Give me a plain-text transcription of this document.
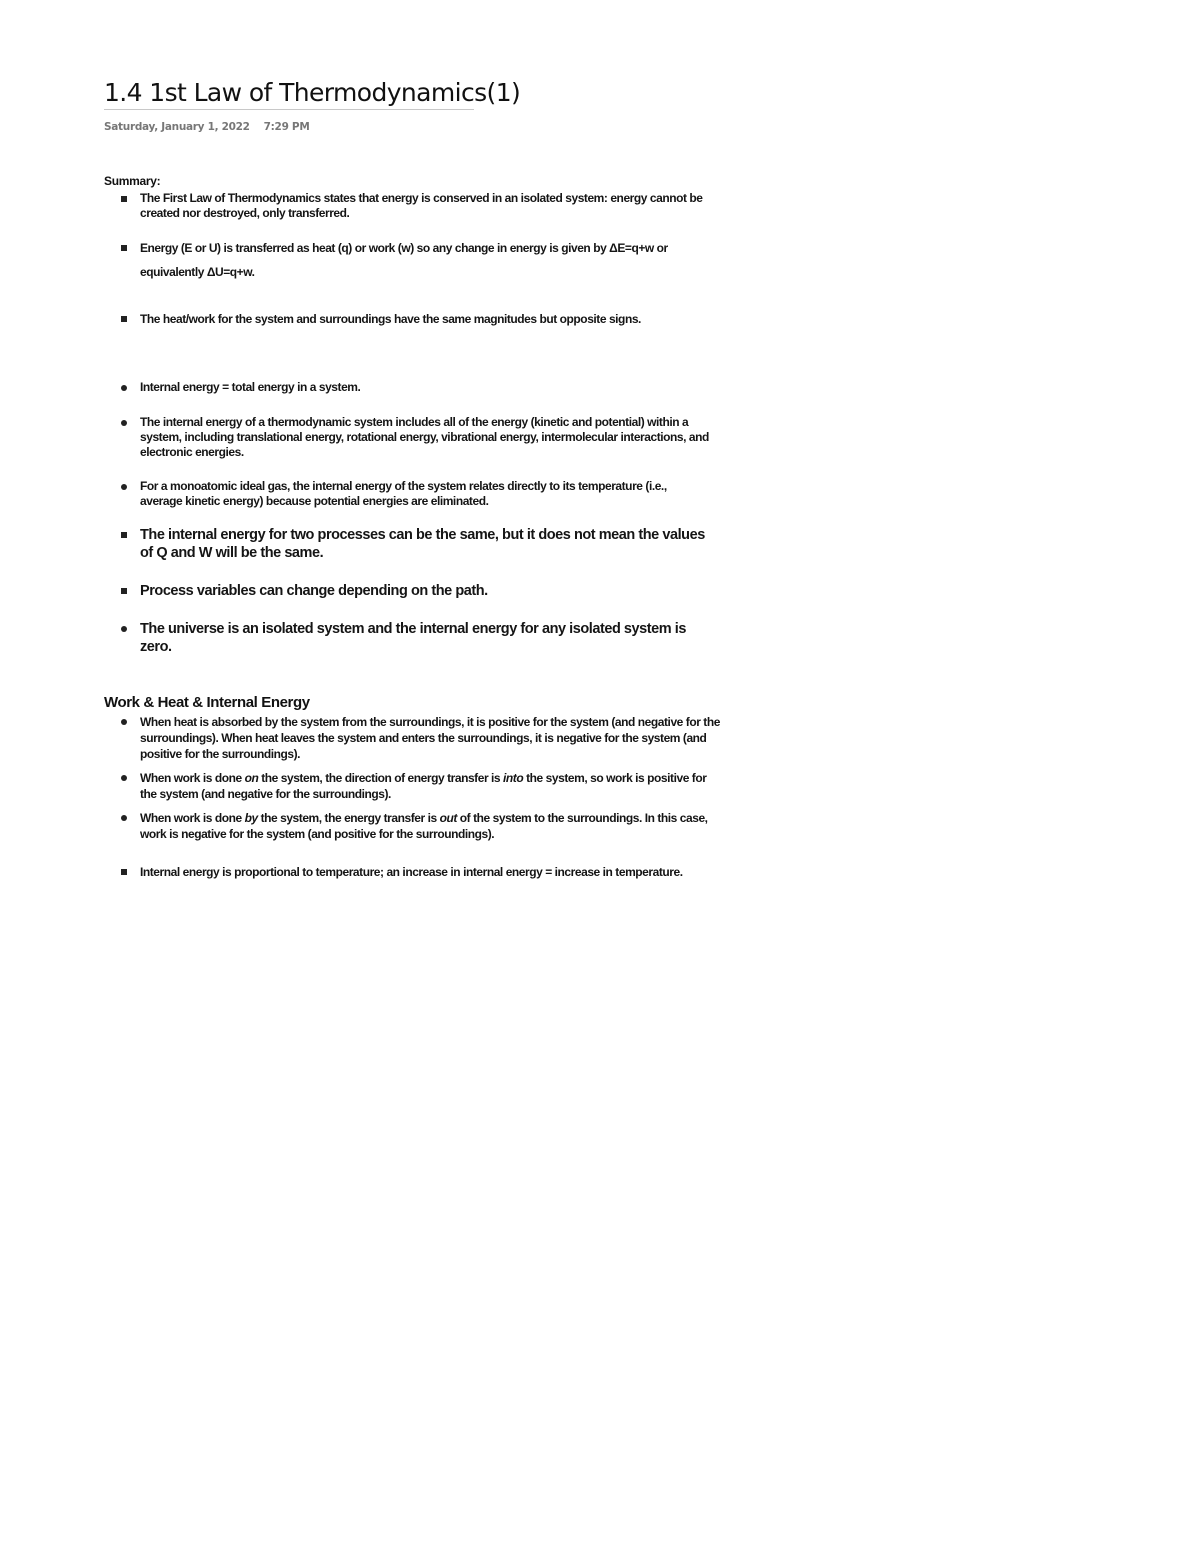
1.4 1st Law of Thermodynamics(1)
Saturday, January 1, 2022 7:29 PM
Summary:
The First Law of Thermodynamics states that energy is conserved in an isolated system: energy cannot be created nor destroyed, only transferred.
Energy (E or U) is transferred as heat (q) or work (w) so any change in energy is given by ΔE=q+w or equivalently ΔU=q+w.
The heat/work for the system and surroundings have the same magnitudes but opposite signs.
Internal energy = total energy in a system.
The internal energy of a thermodynamic system includes all of the energy (kinetic and potential) within a system, including translational energy, rotational energy, vibrational energy, intermolecular interactions, and electronic energies.
For a monoatomic ideal gas, the internal energy of the system relates directly to its temperature (i.e., average kinetic energy) because potential energies are eliminated.
The internal energy for two processes can be the same, but it does not mean the values of Q and W will be the same.
Process variables can change depending on the path.
The universe is an isolated system and the internal energy for any isolated system is zero.
Work & Heat & Internal Energy
When heat is absorbed by the system from the surroundings, it is positive for the system (and negative for the surroundings). When heat leaves the system and enters the surroundings, it is negative for the system (and positive for the surroundings).
When work is done on the system, the direction of energy transfer is into the system, so work is positive for the system (and negative for the surroundings).
When work is done by the system, the energy transfer is out of the system to the surroundings. In this case, work is negative for the system (and positive for the surroundings).
Internal energy is proportional to temperature; an increase in internal energy = increase in temperature.
